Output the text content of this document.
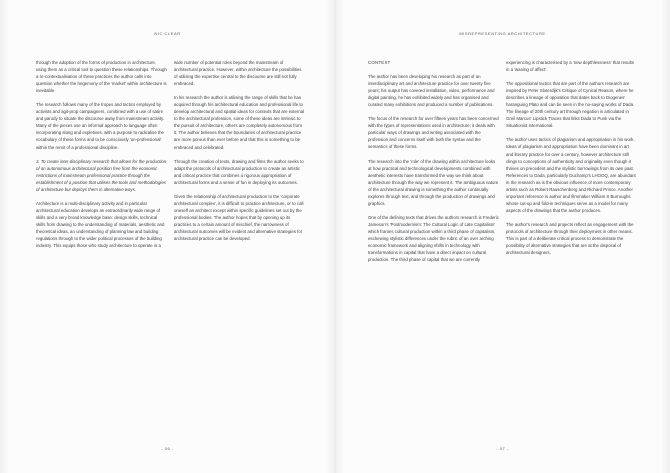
NIC CLEAR

through the adoption of the forms of production in architecture, using them as a critical tool to question these relationships. Through a re-contextualisation of these practices the author calls into question whether the hegemony of the 'market' within architecture is inevitable.

The research follows many of the tropes and tactics employed by activists and agit-prop campaigners, combined with a use of satire and parody to situate the discourse away from mainstream activity. Many of the pieces use an informal approach to language often incorporating slang and expletives, with a purpose to radicalise the vocabulary of these forms and to be consciously 'un-professional' within the remit of a professional discipline.

3. To create inter-disciplinary research that allows for the production of an autonomous architectural position free from the economic restrictions of mainstream professional practice through the establishment of a position that utilises the tools and methodologies of architecture but deploys them in alternative ways.

Architecture is a multi-disciplinary activity and in particular architectural education develops an extraordinarily wide range of skills and a very broad knowledge base: design skills, technical skills from drawing to the understanding of materials, aesthetic and theoretical ideas, an understanding of planning law and building regulations through to the wider political processes of the building industry. This equips those who study architecture to operate in a

wide number of potential roles beyond the mainstream of architectural practice. However, within architecture the possibilities of utilising the expertise central to the discourse are still not fully embraced.

In his research the author is utilising the range of skills that he has acquired through his architectural education and professional life to develop architectural and spatial ideas for contexts that are external to the architectural profession, some of these ideas are intrinsic to the pursuit of architecture, others are completely autonomous from it. The author believes that the boundaries of architectural practice are more porous than ever before and that this is something to be embraced and celebrated.

Through the creation of texts, drawing and films the author seeks to adapt the protocols of architectural production to create an artistic and critical practice that combines a rigorous appropriation of architectural forms and a sense of fun in deploying its outcomes.

Given the relationship of architectural production to the 'corporate architectural complex', it is difficult to practice architecture, or to call oneself an architect except within specific guidelines set out by the professional bodies. The author hopes that by opening up its practices to a certain amount of mischief, the narrowness of architectural outcomes will be evident and alternative strategies for architectural practice can be developed.

- 06 -
MISREPRESENTING ARCHITECTURE

CONTEXT

The author has been developing his research as part of an interdisciplinary art and architecture practice for over twenty five years; his output has covered installation, video, performance and digital painting, he has exhibited widely and has organised and curated many exhibitions and produced a number of publications.

The focus of the research for over fifteen years has been concerned with the types of representations used in architecture; it deals with particular ways of drawings and writing associated with the profession and concerns itself with both the syntax and the semantics of these forms.

The research into the 'role' of the drawing within architecture looks at how practical and technological developments combined with aesthetic interests have transformed the way we think about architecture through the way we represent it. The ambiguous nature of the architectural drawing is something the author continually explores through text, and through the production of drawings and graphics.

One of the defining texts that drives the authors research is Frederic Jameson's 'Postmodernism: The Cultural Logic of Late Capitalism' which frames cultural production within a third phase of capitalism, eschewing stylistic differences under the rubric of an over arching economic framework and aligning shifts in technology with transformations in capital that have a direct impact on cultural production. The third phase of capital that we are currently

experiencing is characterised by a 'new depthlessness' that results in a 'waning of affect'.

The oppositional tactics that are part of the authors research are inspired by Peter Sloterdijk's Critique of Cynical Reason, where he describes a lineage of opposition that dates back to Diogenes' haranguing Plato and can be seen in the no-saying works of Dada. The lineage of 20th century art through negation is articulated in Greil Marcus' Lipstick Traces that links Dada to Punk via the Situationist International.

The author uses tactics of plagiarism and appropriation in his work. Ideas of plagiarism and appropriation have been dominant in art and literary practice for over a century, however architecture still clings to conceptions of authenticity and originality even though it thrives on precedent and the stylistic borrowings from its own past.

References to Dada, particularly Duchamp's LHOOQ, are abundant in the research as is the obvious influence of more contemporary artists such as Robert Rauschenberg and Richard Prince. Another important reference is author and filmmaker William S Burroughs whose cut-up and fold-in techniques serve as a model for many aspects of the drawings that the author produces.

The author's research and projects reflect an engagement with the protocols of architecture through their deployment in other means. This is part of a deliberate critical process to demonstrate the possibility of alternative strategies that are at the disposal of architectural designers.

- 07 -
